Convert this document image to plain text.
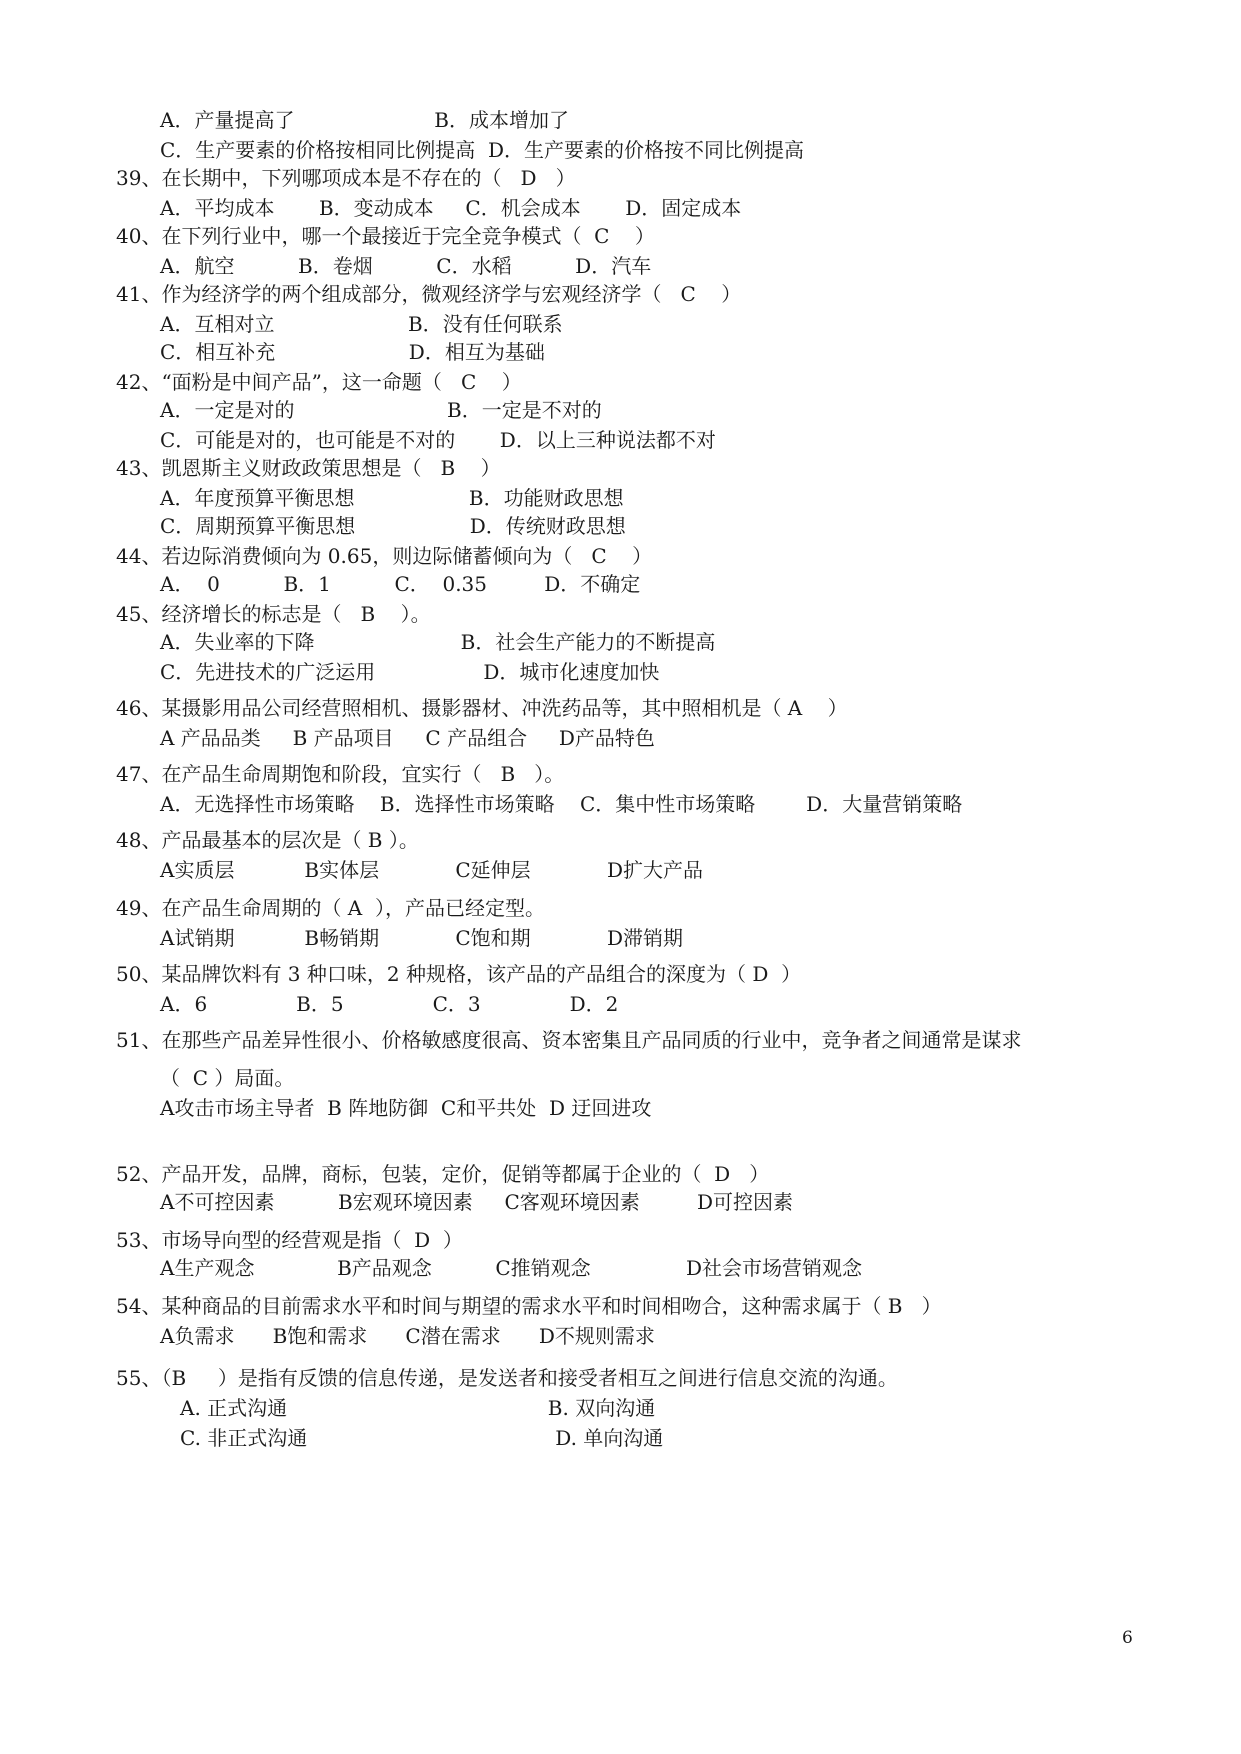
A．产量提高了                      B．成本增加了
C．生产要素的价格按相同比例提高  D．生产要素的价格按不同比例提高
39、在长期中，下列哪项成本是不存在的（   D   ）
A．平均成本       B．变动成本     C．机会成本       D．固定成本
40、在下列行业中，哪一个最接近于完全竞争模式（  C    ）
A．航空          B．卷烟          C．水稻          D．汽车
41、作为经济学的两个组成部分，微观经济学与宏观经济学（   C    ）
A．互相对立                     B．没有任何联系
C．相互补充                     D．相互为基础
42、“面粉是中间产品”，这一命题（   C    ）
A．一定是对的                        B．一定是不对的
C．可能是对的，也可能是不对的       D．以上三种说法都不对
43、凯恩斯主义财政政策思想是（   B    ）
A．年度预算平衡思想                  B．功能财政思想
C．周期预算平衡思想                  D．传统财政思想
44、若边际消费倾向为 0.65，则边际储蓄倾向为（   C    ）
A．  0          B．1          C．  0.35         D．不确定
45、经济增长的标志是（   B    ）。
A．失业率的下降                       B．社会生产能力的不断提高
C．先进技术的广泛运用                 D．城市化速度加快
46、某摄影用品公司经营照相机、摄影器材、冲洗药品等，其中照相机是（ A    ）
A 产品品类     B 产品项目     C 产品组合     D产品特色
47、在产品生命周期饱和阶段，宜实行（   B   ）。
A．无选择性市场策略    B．选择性市场策略    C．集中性市场策略        D．大量营销策略
48、产品最基本的层次是（ B ）。
A实质层           B实体层            C延伸层            D扩大产品
49、在产品生命周期的（ A  ），产品已经定型。
A试销期           B畅销期            C饱和期            D滞销期
50、某品牌饮料有 3 种口味，2 种规格，该产品的产品组合的深度为（ D  ）
A．6              B．5              C．3              D．2
51、在那些产品差异性很小、价格敏感度很高、资本密集且产品同质的行业中，竞争者之间通常是谋求
（  C ）局面。
A攻击市场主导者  B 阵地防御  C和平共处  D 迂回进攻
52、产品开发，品牌，商标，包装，定价，促销等都属于企业的（  D   ）
A不可控因素          B宏观环境因素     C客观环境因素         D可控因素
53、市场导向型的经营观是指（  D  ）
A生产观念             B产品观念          C推销观念               D社会市场营销观念
54、某种商品的目前需求水平和时间与期望的需求水平和时间相吻合，这种需求属于（ B   ）
A负需求      B饱和需求      C潜在需求      D不规则需求
55、（B     ）是指有反馈的信息传递，是发送者和接受者相互之间进行信息交流的沟通。
A. 正式沟通                                         B. 双向沟通
C. 非正式沟通                                       D. 单向沟通
6
